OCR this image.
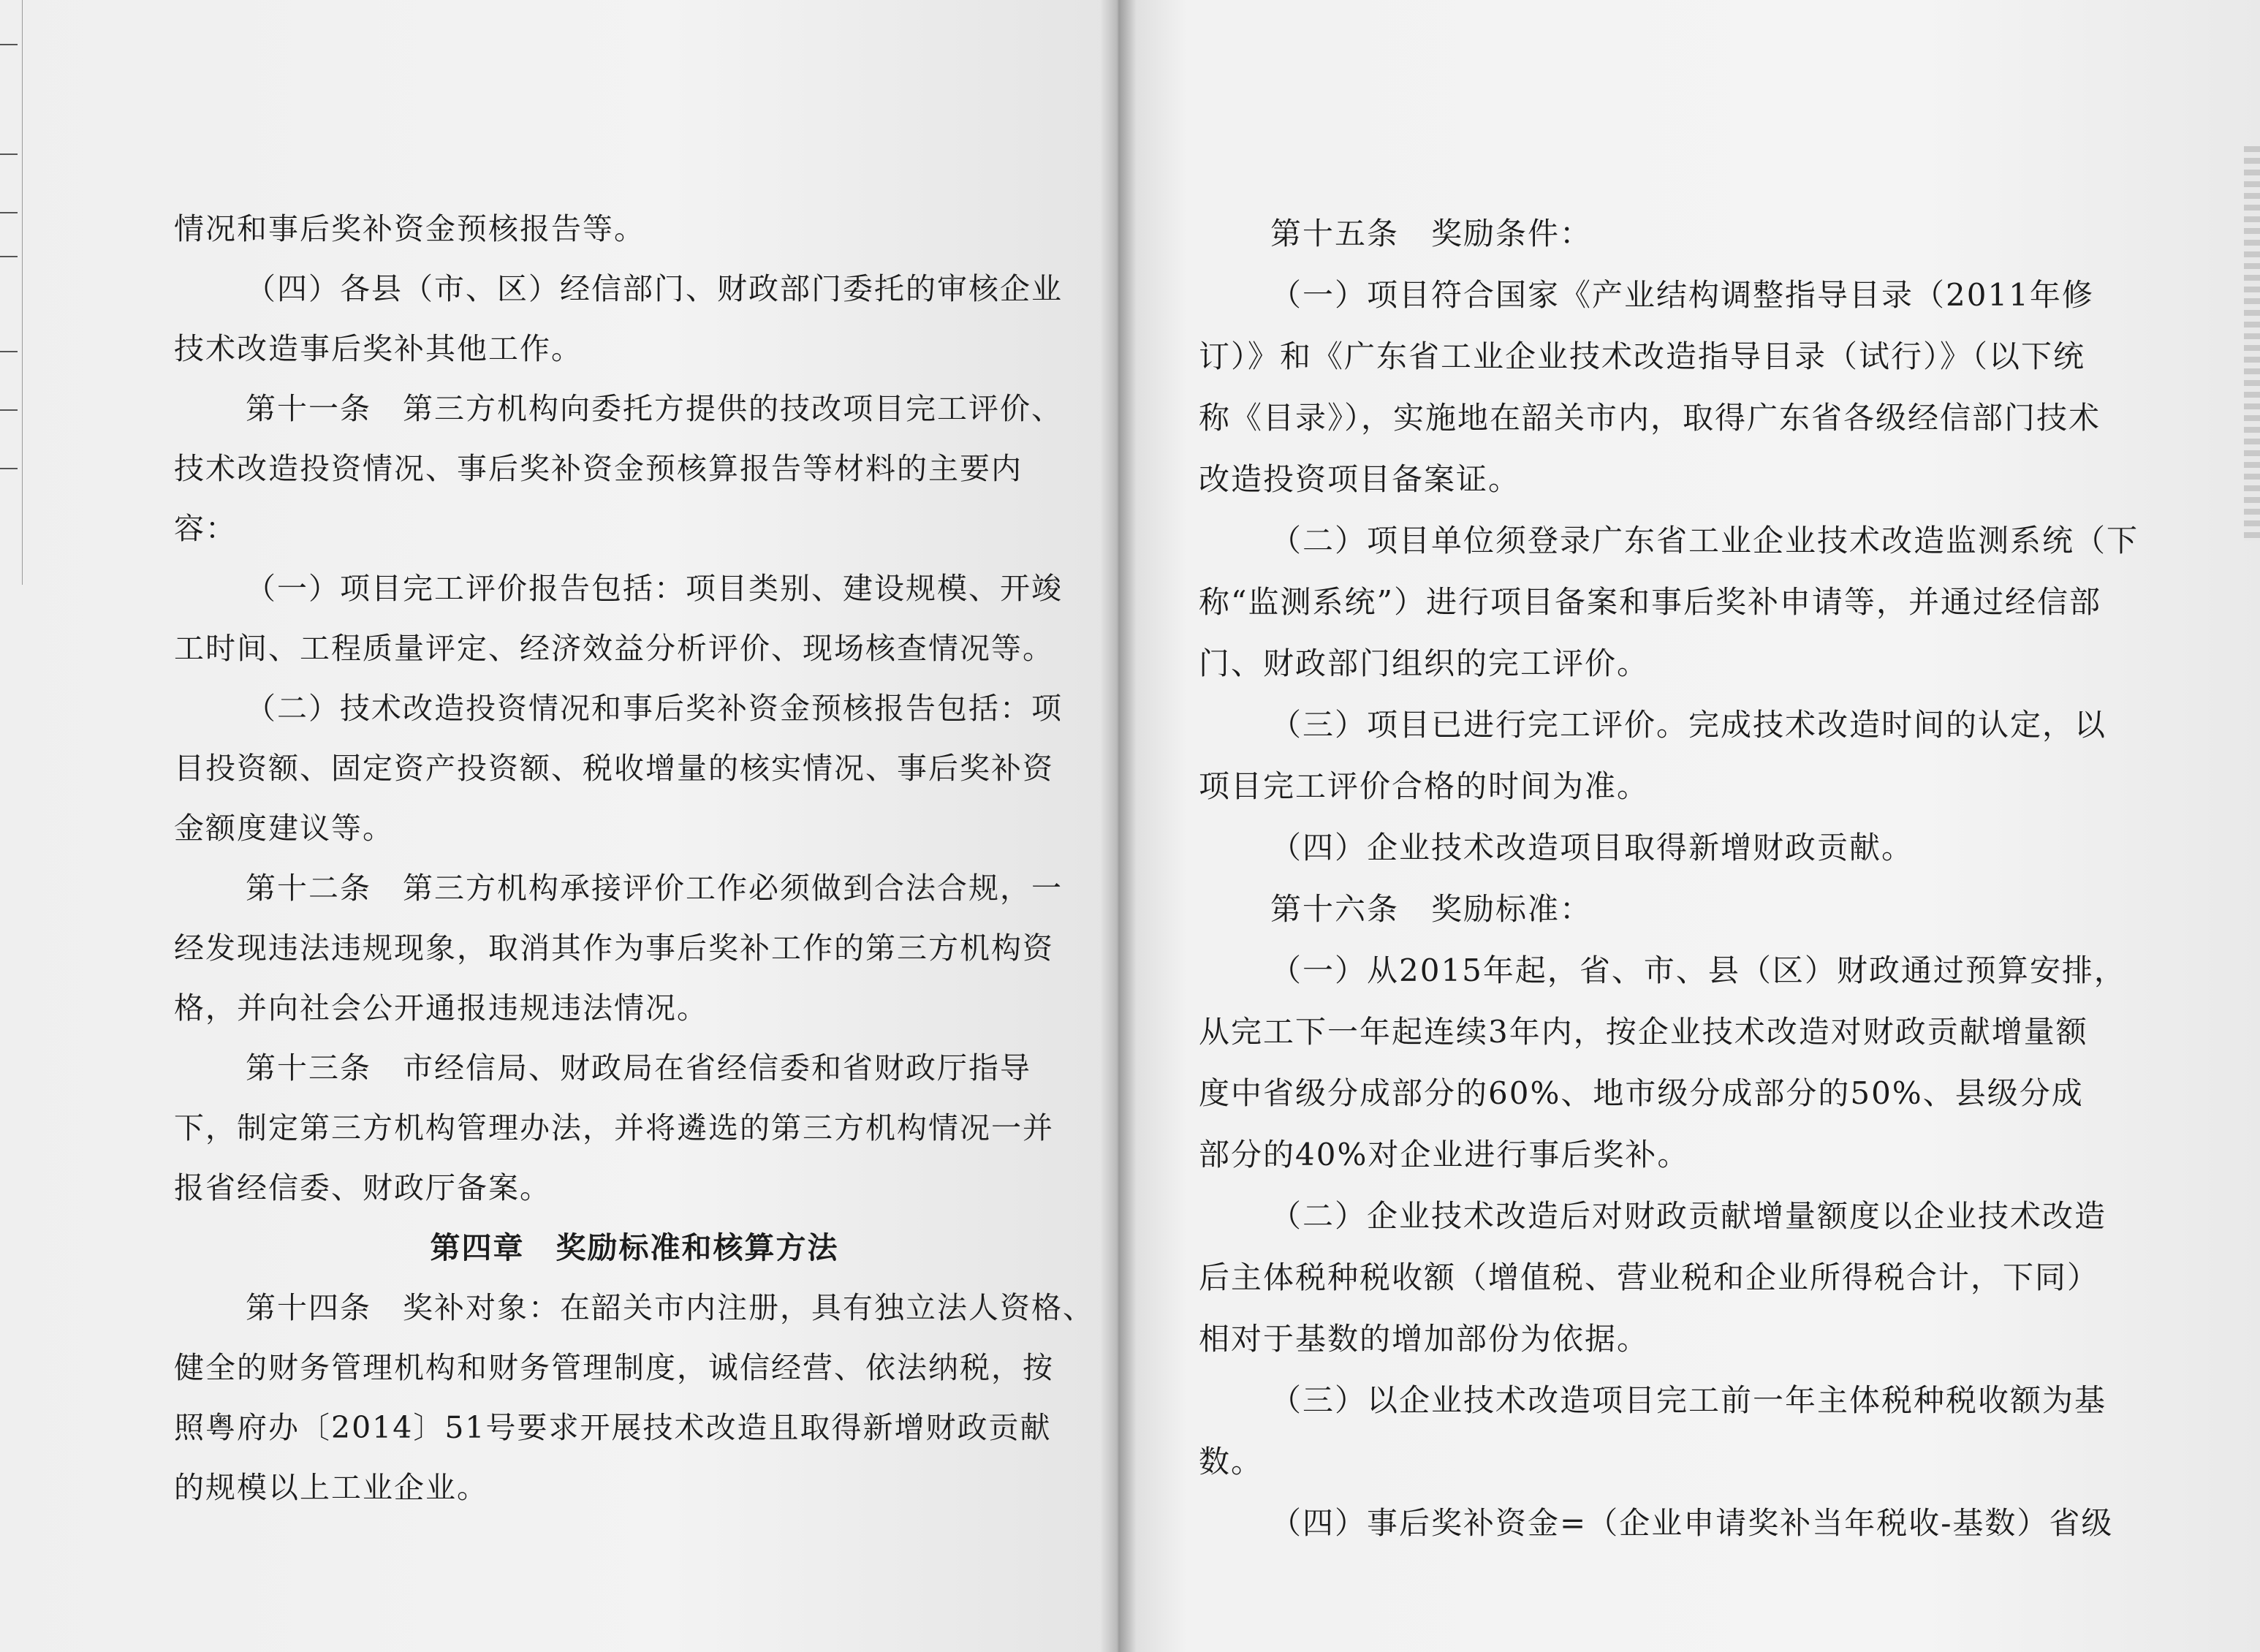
情况和事后奖补资金预核报告等。
（四）各县（市、区）经信部门、财政部门委托的审核企业
技术改造事后奖补其他工作。
第十一条　第三方机构向委托方提供的技改项目完工评价、
技术改造投资情况、事后奖补资金预核算报告等材料的主要内
容：
（一）项目完工评价报告包括：项目类别、建设规模、开竣
工时间、工程质量评定、经济效益分析评价、现场核查情况等。
（二）技术改造投资情况和事后奖补资金预核报告包括：项
目投资额、固定资产投资额、税收增量的核实情况、事后奖补资
金额度建议等。
第十二条　第三方机构承接评价工作必须做到合法合规，一
经发现违法违规现象，取消其作为事后奖补工作的第三方机构资
格，并向社会公开通报违规违法情况。
第十三条　市经信局、财政局在省经信委和省财政厅指导
下，制定第三方机构管理办法，并将遴选的第三方机构情况一并
报省经信委、财政厅备案。
第四章　奖励标准和核算方法
第十四条　奖补对象：在韶关市内注册，具有独立法人资格、
健全的财务管理机构和财务管理制度，诚信经营、依法纳税，按
照粤府办〔2014〕51号要求开展技术改造且取得新增财政贡献
的规模以上工业企业。
第十五条　奖励条件：
（一）项目符合国家《产业结构调整指导目录（2011年修
订）》和《广东省工业企业技术改造指导目录（试行）》（以下统
称《目录》），实施地在韶关市内，取得广东省各级经信部门技术
改造投资项目备案证。
（二）项目单位须登录广东省工业企业技术改造监测系统（下
称“监测系统”）进行项目备案和事后奖补申请等，并通过经信部
门、财政部门组织的完工评价。
（三）项目已进行完工评价。完成技术改造时间的认定，以
项目完工评价合格的时间为准。
（四）企业技术改造项目取得新增财政贡献。
第十六条　奖励标准：
（一）从2015年起，省、市、县（区）财政通过预算安排，
从完工下一年起连续3年内，按企业技术改造对财政贡献增量额
度中省级分成部分的60%、地市级分成部分的50%、县级分成
部分的40%对企业进行事后奖补。
（二）企业技术改造后对财政贡献增量额度以企业技术改造
后主体税种税收额（增值税、营业税和企业所得税合计，下同）
相对于基数的增加部份为依据。
（三）以企业技术改造项目完工前一年主体税种税收额为基
数。
（四）事后奖补资金=（企业申请奖补当年税收-基数）省级
